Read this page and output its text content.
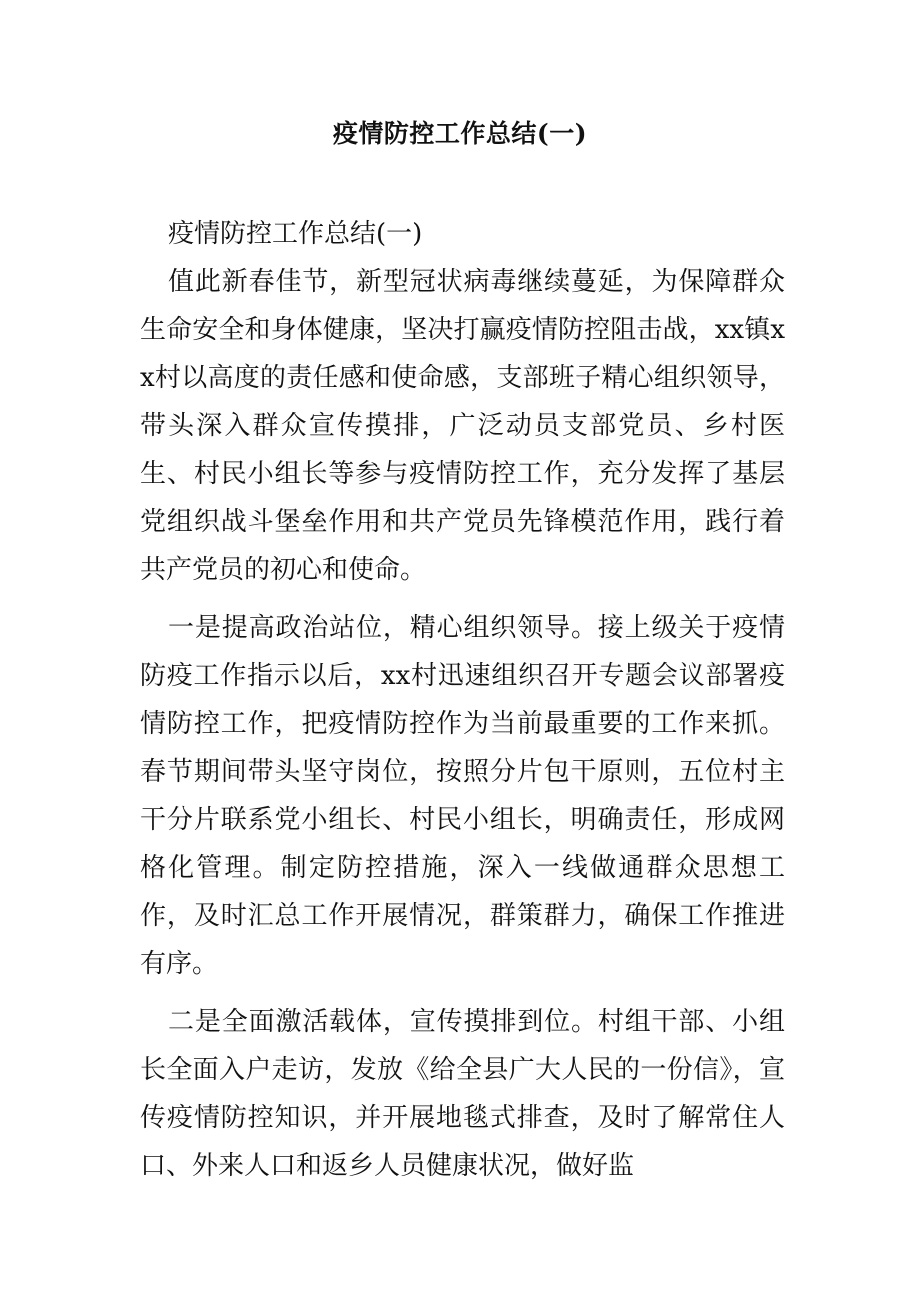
疫情防控工作总结(一)

疫情防控工作总结(一)

值此新春佳节，新型冠状病毒继续蔓延，为保障群众生命安全和身体健康，坚决打赢疫情防控阻击战，xx镇xx村以高度的责任感和使命感，支部班子精心组织领导，带头深入群众宣传摸排，广泛动员支部党员、乡村医生、村民小组长等参与疫情防控工作，充分发挥了基层党组织战斗堡垒作用和共产党员先锋模范作用，践行着共产党员的初心和使命。

一是提高政治站位，精心组织领导。接上级关于疫情防疫工作指示以后，xx村迅速组织召开专题会议部署疫情防控工作，把疫情防控作为当前最重要的工作来抓。春节期间带头坚守岗位，按照分片包干原则，五位村主干分片联系党小组长、村民小组长，明确责任，形成网格化管理。制定防控措施，深入一线做通群众思想工作，及时汇总工作开展情况，群策群力，确保工作推进有序。

二是全面激活载体，宣传摸排到位。村组干部、小组长全面入户走访，发放《给全县广大人民的一份信》，宣传疫情防控知识，并开展地毯式排查，及时了解常住人口、外来人口和返乡人员健康状况，做好监
